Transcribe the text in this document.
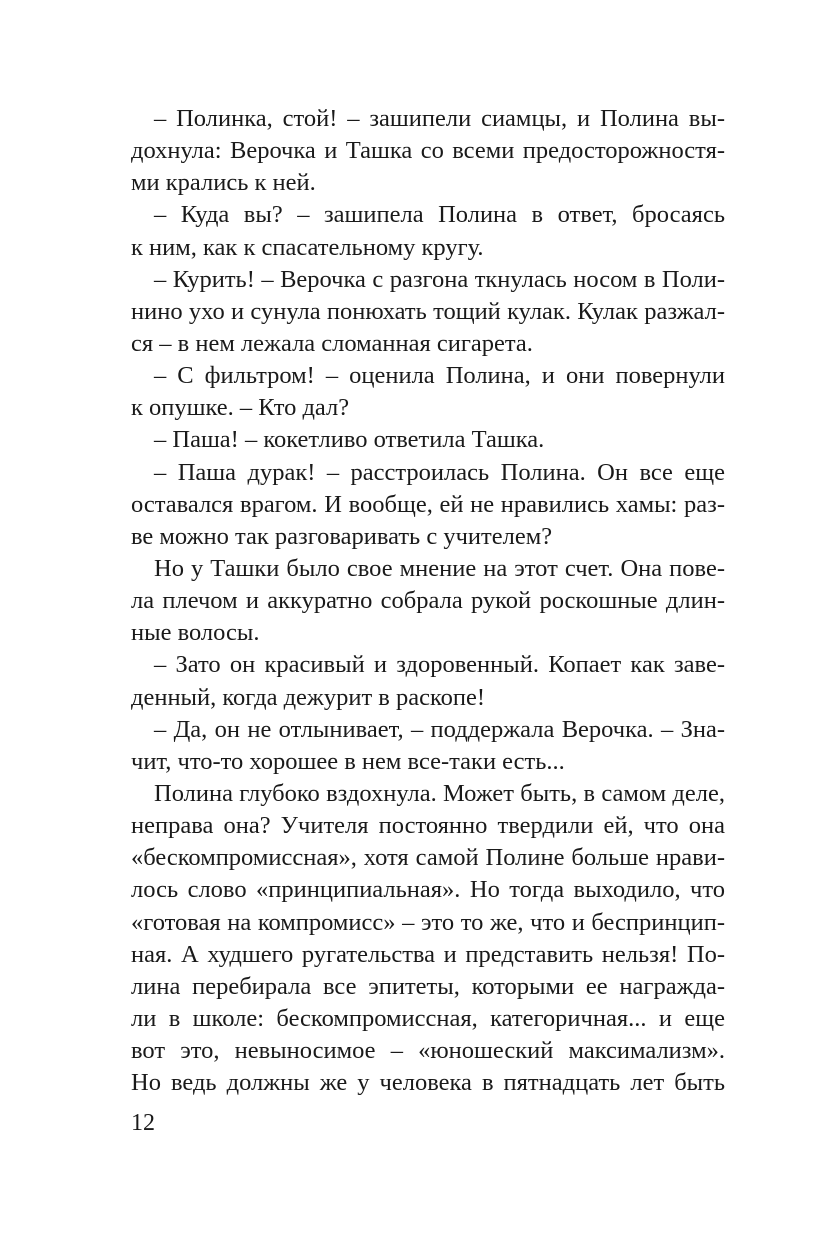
– Полинка, стой! – зашипели сиамцы, и Полина вы-
дохнула: Верочка и Ташка со всеми предосторожностя-
ми крались к ней.
– Куда вы? – зашипела Полина в ответ, бросаясь
к ним, как к спасательному кругу.
– Курить! – Верочка с разгона ткнулась носом в Поли-
нино ухо и сунула понюхать тощий кулак. Кулак разжал-
ся – в нем лежала сломанная сигарета.
– С фильтром! – оценила Полина, и они повернули
к опушке. – Кто дал?
– Паша! – кокетливо ответила Ташка.
– Паша дурак! – расстроилась Полина. Он все еще
оставался врагом. И вообще, ей не нравились хамы: раз-
ве можно так разговаривать с учителем?
Но у Ташки было свое мнение на этот счет. Она пове-
ла плечом и аккуратно собрала рукой роскошные длин-
ные волосы.
– Зато он красивый и здоровенный. Копает как заве-
денный, когда дежурит в раскопе!
– Да, он не отлынивает, – поддержала Верочка. – Зна-
чит, что-то хорошее в нем все-таки есть...
Полина глубоко вздохнула. Может быть, в самом деле,
неправа она? Учителя постоянно твердили ей, что она
«бескомпромиссная», хотя самой Полине больше нрави-
лось слово «принципиальная». Но тогда выходило, что
«готовая на компромисс» – это то же, что и беспринцип-
ная. А худшего ругательства и представить нельзя! По-
лина перебирала все эпитеты, которыми ее награжда-
ли в школе: бескомпромиссная, категоричная... и еще
вот это, невыносимое – «юношеский максимализм».
Но ведь должны же у человека в пятнадцать лет быть
12
